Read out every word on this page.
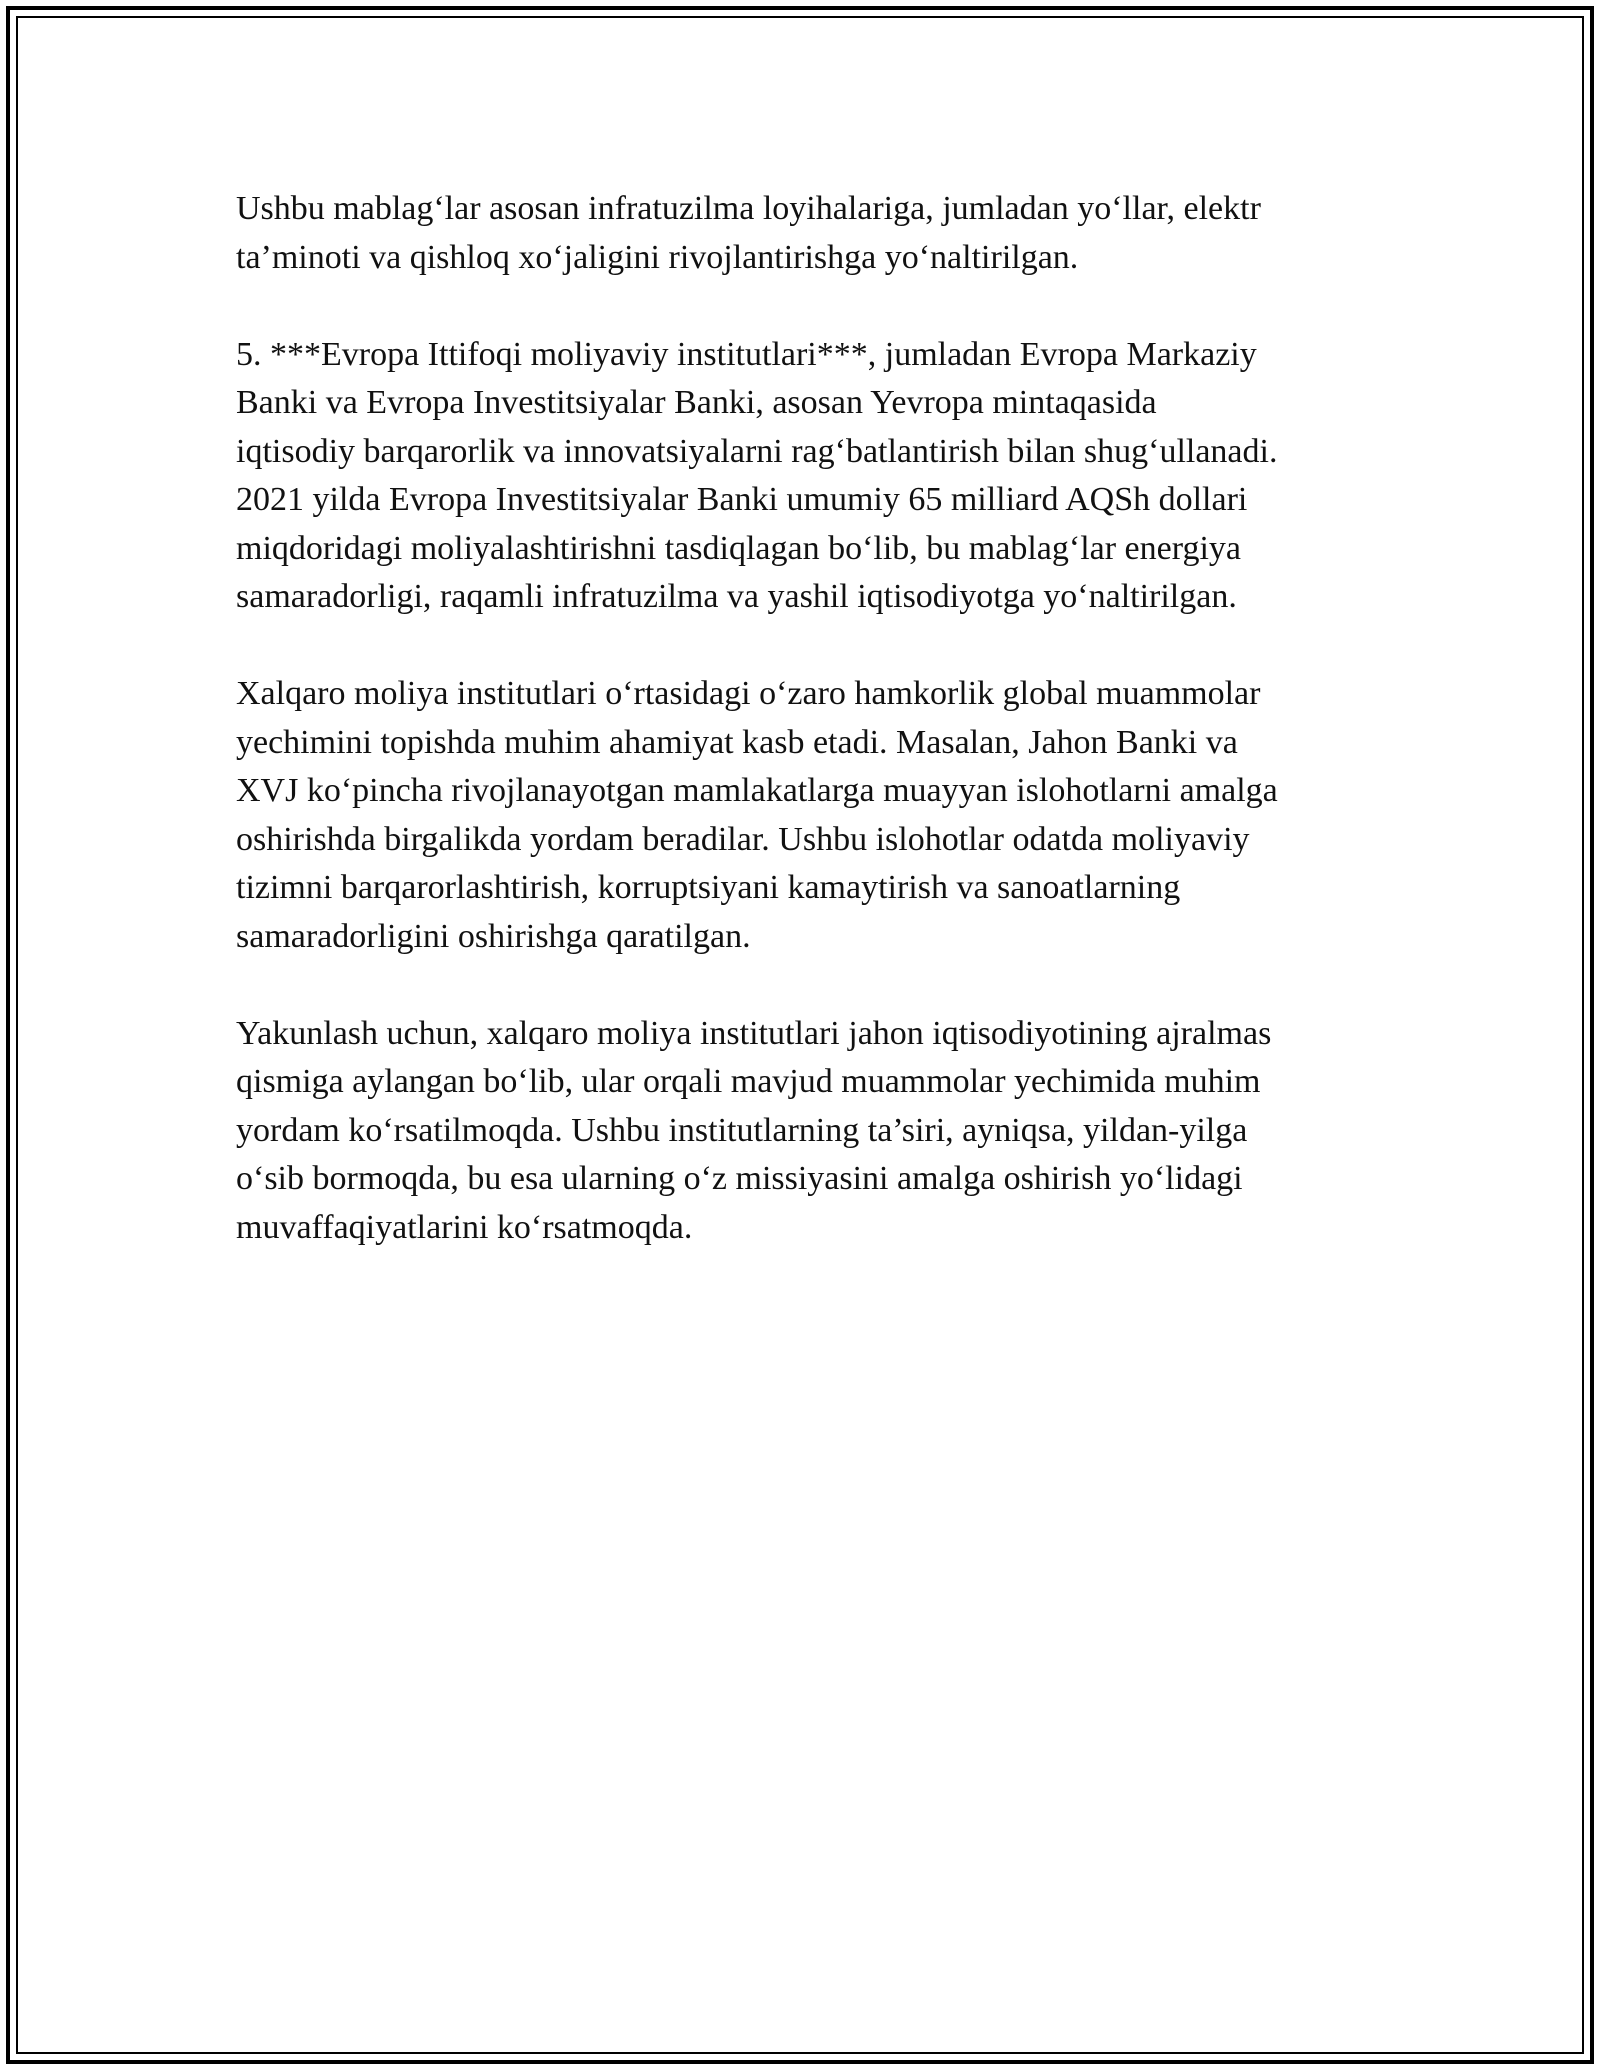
Ushbu mablag‘lar asosan infratuzilma loyihalariga, jumladan yo‘llar, elektr
ta’minoti va qishloq xo‘jaligini rivojlantirishga yo‘naltirilgan.

5. ***Evropa Ittifoqi moliyaviy institutlari***, jumladan Evropa Markaziy
Banki va Evropa Investitsiyalar Banki, asosan Yevropa mintaqasida
iqtisodiy barqarorlik va innovatsiyalarni rag‘batlantirish bilan shug‘ullanadi.
2021 yilda Evropa Investitsiyalar Banki umumiy 65 milliard AQSh dollari
miqdoridagi moliyalashtirishni tasdiqlagan bo‘lib, bu mablag‘lar energiya
samaradorligi, raqamli infratuzilma va yashil iqtisodiyotga yo‘naltirilgan.

Xalqaro moliya institutlari o‘rtasidagi o‘zaro hamkorlik global muammolar
yechimini topishda muhim ahamiyat kasb etadi. Masalan, Jahon Banki va
XVJ ko‘pincha rivojlanayotgan mamlakatlarga muayyan islohotlarni amalga
oshirishda birgalikda yordam beradilar. Ushbu islohotlar odatda moliyaviy
tizimni barqarorlashtirish, korruptsiyani kamaytirish va sanoatlarning
samaradorligini oshirishga qaratilgan.

Yakunlash uchun, xalqaro moliya institutlari jahon iqtisodiyotining ajralmas
qismiga aylangan bo‘lib, ular orqali mavjud muammolar yechimida muhim
yordam ko‘rsatilmoqda. Ushbu institutlarning ta’siri, ayniqsa, yildan-yilga
o‘sib bormoqda, bu esa ularning o‘z missiyasini amalga oshirish yo‘lidagi
muvaffaqiyatlarini ko‘rsatmoqda.
